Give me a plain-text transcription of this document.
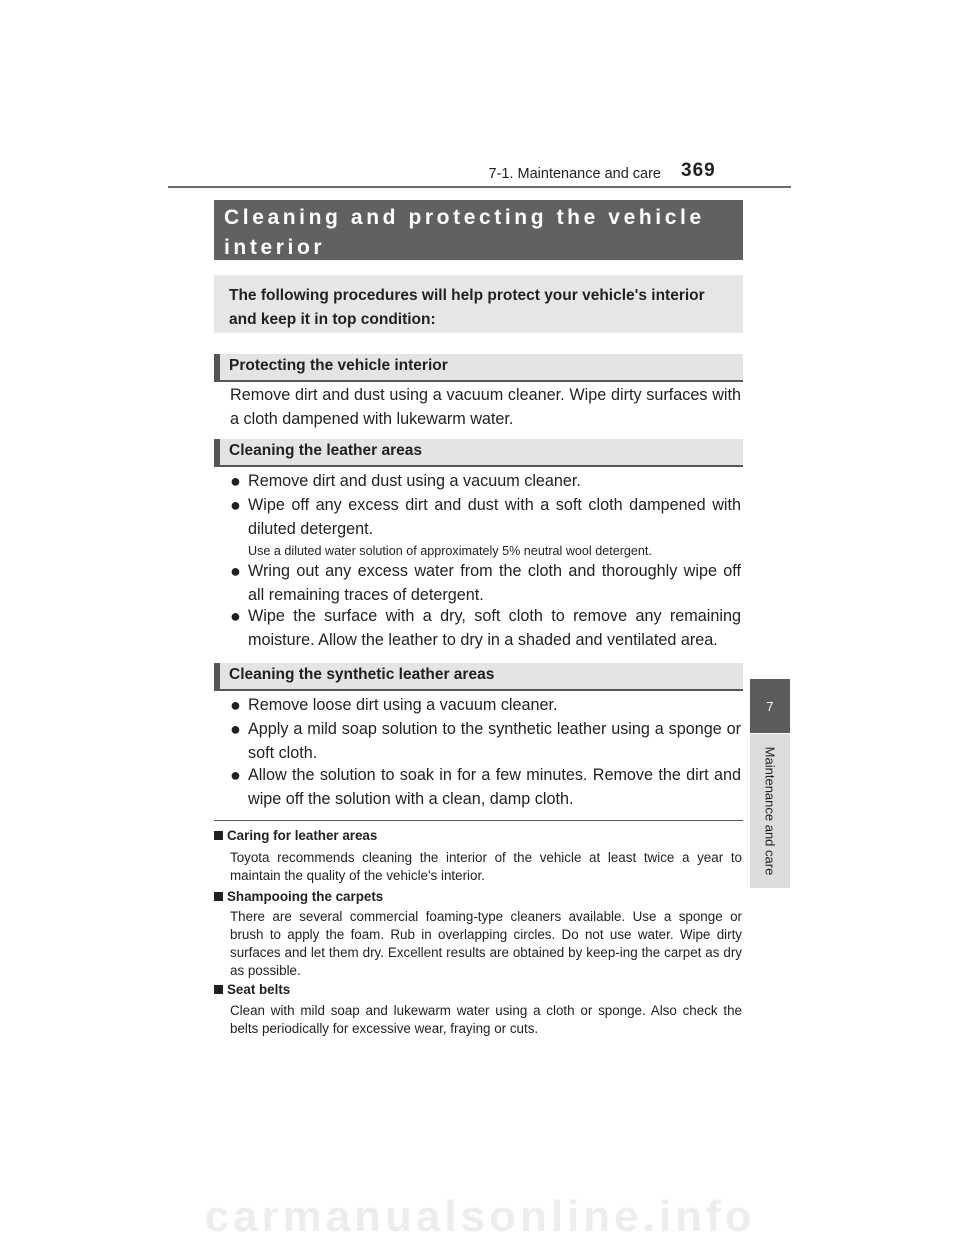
7-1. Maintenance and care 369
7
Maintenance and care
Cleaning and protecting the vehicle
interior
The following procedures will help protect your vehicle's interior
and keep it in top condition:
Protecting the vehicle interior
Remove dirt and dust using a vacuum cleaner. Wipe dirty surfaces with a cloth dampened with lukewarm water.
Cleaning the leather areas
● Remove dirt and dust using a vacuum cleaner.
● Wipe off any excess dirt and dust with a soft cloth dampened with diluted detergent.
Use a diluted water solution of approximately 5% neutral wool detergent.
● Wring out any excess water from the cloth and thoroughly wipe off all remaining traces of detergent.
● Wipe the surface with a dry, soft cloth to remove any remaining moisture. Allow the leather to dry in a shaded and ventilated area.
Cleaning the synthetic leather areas
● Remove loose dirt using a vacuum cleaner.
● Apply a mild soap solution to the synthetic leather using a sponge or soft cloth.
● Allow the solution to soak in for a few minutes. Remove the dirt and wipe off the solution with a clean, damp cloth.
Caring for leather areas
Toyota recommends cleaning the interior of the vehicle at least twice a year to maintain the quality of the vehicle's interior.
Shampooing the carpets
There are several commercial foaming-type cleaners available. Use a sponge or brush to apply the foam. Rub in overlapping circles. Do not use water. Wipe dirty surfaces and let them dry. Excellent results are obtained by keep-ing the carpet as dry as possible.
Seat belts
Clean with mild soap and lukewarm water using a cloth or sponge. Also check the belts periodically for excessive wear, fraying or cuts.
carmanualsonline.info
